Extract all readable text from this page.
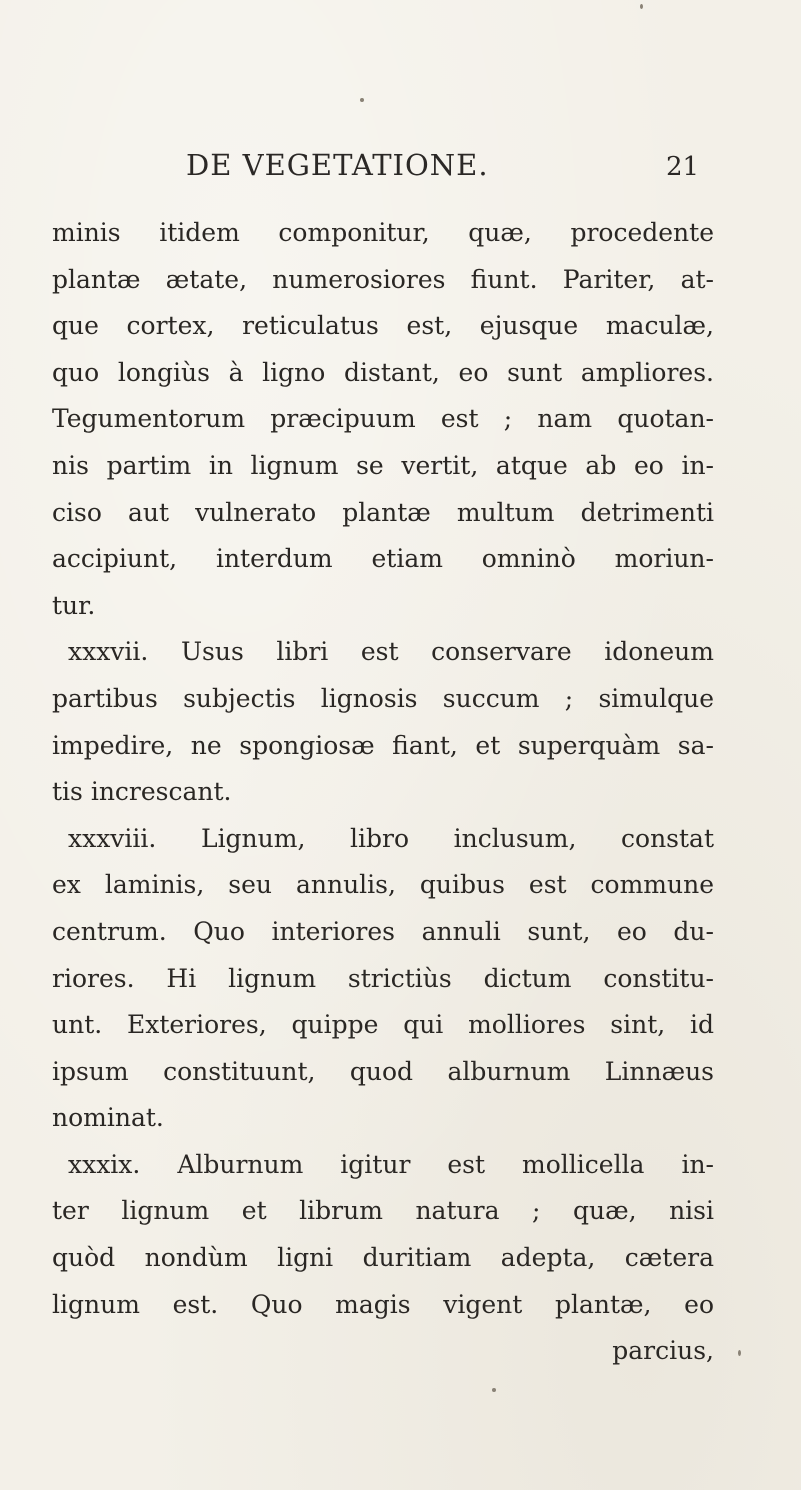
DE VEGETATIONE.	21
minis itidem componitur, quæ, procedente
plantæ ætate, numerosiores fiunt. Pariter, at-
que cortex, reticulatus est, ejusque maculæ,
quo longiùs à ligno distant, eo sunt ampliores.
Tegumentorum præcipuum est ; nam quotan-
nis partim in lignum se vertit, atque ab eo in-
ciso aut vulnerato plantæ multum detrimenti
accipiunt, interdum etiam omninò moriun-
tur.
xxxvii. Usus libri est conservare idoneum
partibus subjectis lignosis succum ; simulque
impedire, ne spongiosæ fiant, et superquàm sa-
tis increscant.
xxxviii. Lignum, libro inclusum, constat
ex laminis, seu annulis, quibus est commune
centrum. Quo interiores annuli sunt, eo du-
riores. Hi lignum strictiùs dictum constitu-
unt. Exteriores, quippe qui molliores sint, id
ipsum constituunt, quod alburnum Linnæus
nominat.
xxxix. Alburnum igitur est mollicella in-
ter lignum et librum natura ; quæ, nisi
quòd nondùm ligni duritiam adepta, cætera
lignum est. Quo magis vigent plantæ, eo
parcius,
